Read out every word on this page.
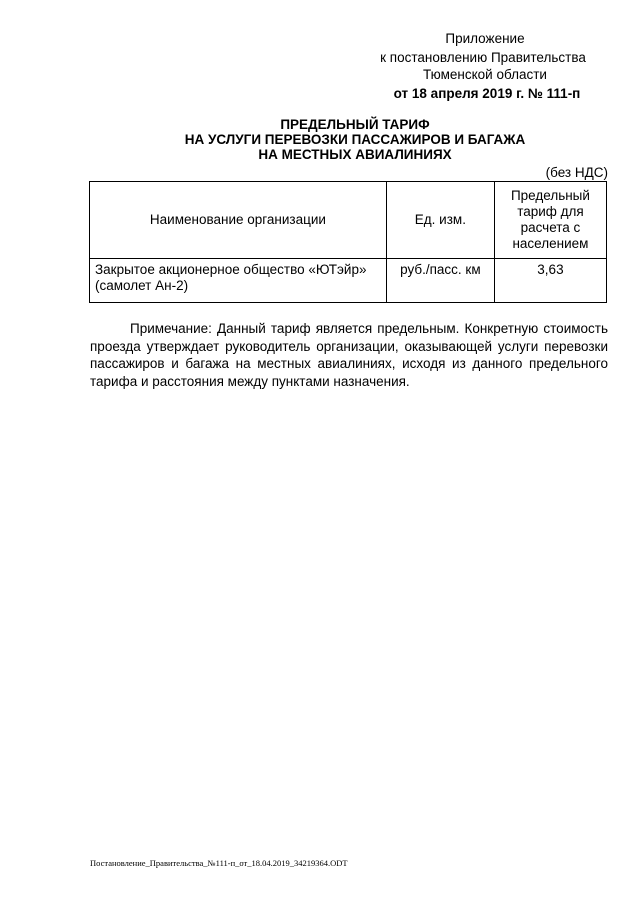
Приложение
к постановлению Правительства
Тюменской области
от 18 апреля 2019 г. № 111-п
ПРЕДЕЛЬНЫЙ ТАРИФ
НА УСЛУГИ ПЕРЕВОЗКИ ПАССАЖИРОВ И БАГАЖА
НА МЕСТНЫХ АВИАЛИНИЯХ
(без НДС)
Наименование организации	Ед. изм.	Предельный
тариф для
расчета с
населением

Закрытое акционерное общество «ЮТэйр»
(самолет Ан-2)	руб./пасс. км	3,63
Примечание: Данный тариф является предельным. Конкретную стоимость проезда утверждает руководитель организации, оказывающей услуги перевозки пассажиров и багажа на местных авиалиниях, исходя из данного предельного тарифа и расстояния между пунктами назначения.
Постановление_Правительства_№111-п_от_18.04.2019_34219364.ODT
